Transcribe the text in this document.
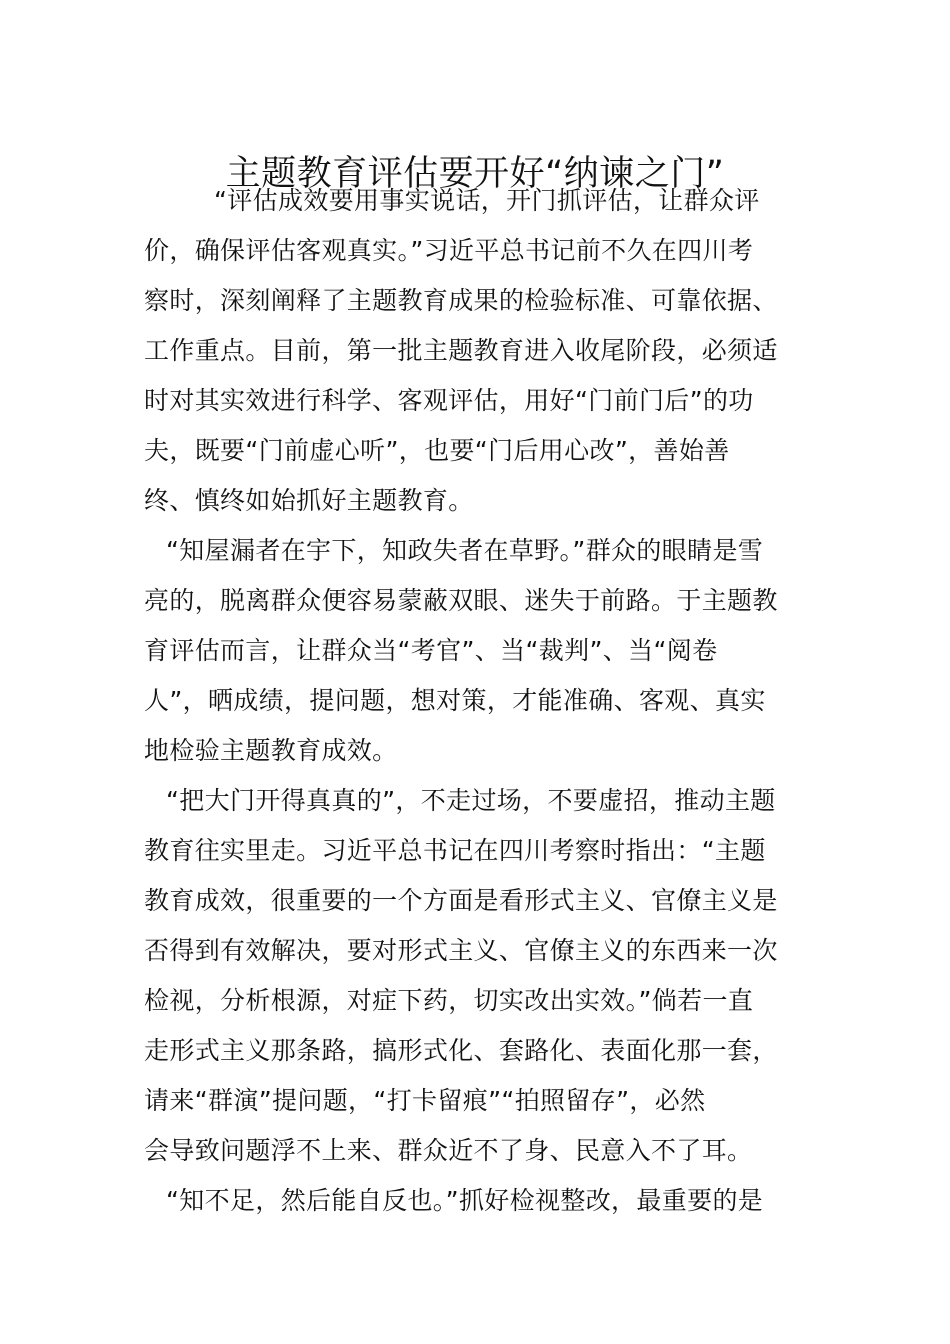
主题教育评估要开好“纳谏之门”
“评估成效要用事实说话，开门抓评估，让群众评
价，确保评估客观真实。”习近平总书记前不久在四川考
察时，深刻阐释了主题教育成果的检验标准、可靠依据、
工作重点。目前，第一批主题教育进入收尾阶段，必须适
时对其实效进行科学、客观评估，用好“门前门后”的功
夫，既要“门前虚心听”，也要“门后用心改”，善始善
终、慎终如始抓好主题教育。
“知屋漏者在宇下，知政失者在草野。”群众的眼睛是雪
亮的，脱离群众便容易蒙蔽双眼、迷失于前路。于主题教
育评估而言，让群众当“考官”、当“裁判”、当“阅卷
人”，晒成绩，提问题，想对策，才能准确、客观、真实
地检验主题教育成效。
“把大门开得真真的”，不走过场，不要虚招，推动主题
教育往实里走。习近平总书记在四川考察时指出：“主题
教育成效，很重要的一个方面是看形式主义、官僚主义是
否得到有效解决，要对形式主义、官僚主义的东西来一次
检视，分析根源，对症下药，切实改出实效。”倘若一直
走形式主义那条路，搞形式化、套路化、表面化那一套，
请来“群演”提问题，“打卡留痕”“拍照留存”，必然
会导致问题浮不上来、群众近不了身、民意入不了耳。
“知不足，然后能自反也。”抓好检视整改，最重要的是
